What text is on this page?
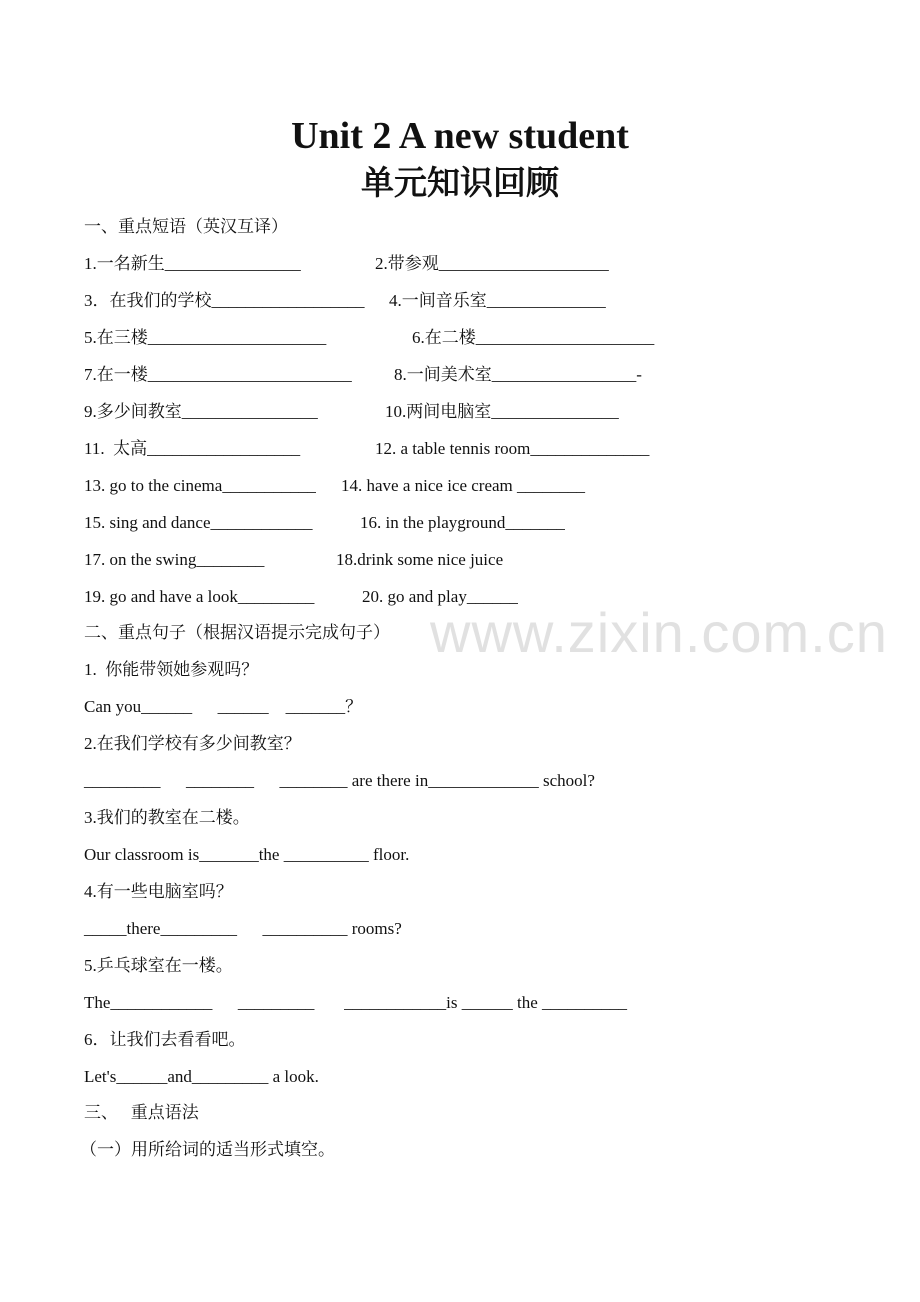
Unit 2 A new student
单元知识回顾
www.zixin.com.cn
一、重点短语（英汉互译）
1.一名新生________________	2.带参观____________________
3．在我们的学校__________________ 4.一间音乐室______________
5.在三楼_____________________	6.在二楼_____________________
7.在一楼________________________ 8.一间美术室_________________-
9.多少间教室________________	10.两间电脑室_______________
11.  太高__________________	12. a table tennis room______________
13. go to the cinema___________ 14. have a nice ice cream ________
15. sing and dance____________	16. in the playground_______
17. on the swing________	18.drink some nice juice
19. go and have a look_________	20. go and play______
二、重点句子（根据汉语提示完成句子）
1.  你能带领她参观吗？
Can you______      ______    _______？
2.在我们学校有多少间教室？
_________      ________      ________ are there in_____________ school?
3.我们的教室在二楼。
Our classroom is_______the __________ floor.
4.有一些电脑室吗？
_____there_________      __________ rooms?
5.乒乓球室在一楼。
The____________      _________       ____________is ______ the __________
6．让我们去看看吧。
Let's______and_________ a look.
三、   重点语法
（一）用所给词的适当形式填空。
